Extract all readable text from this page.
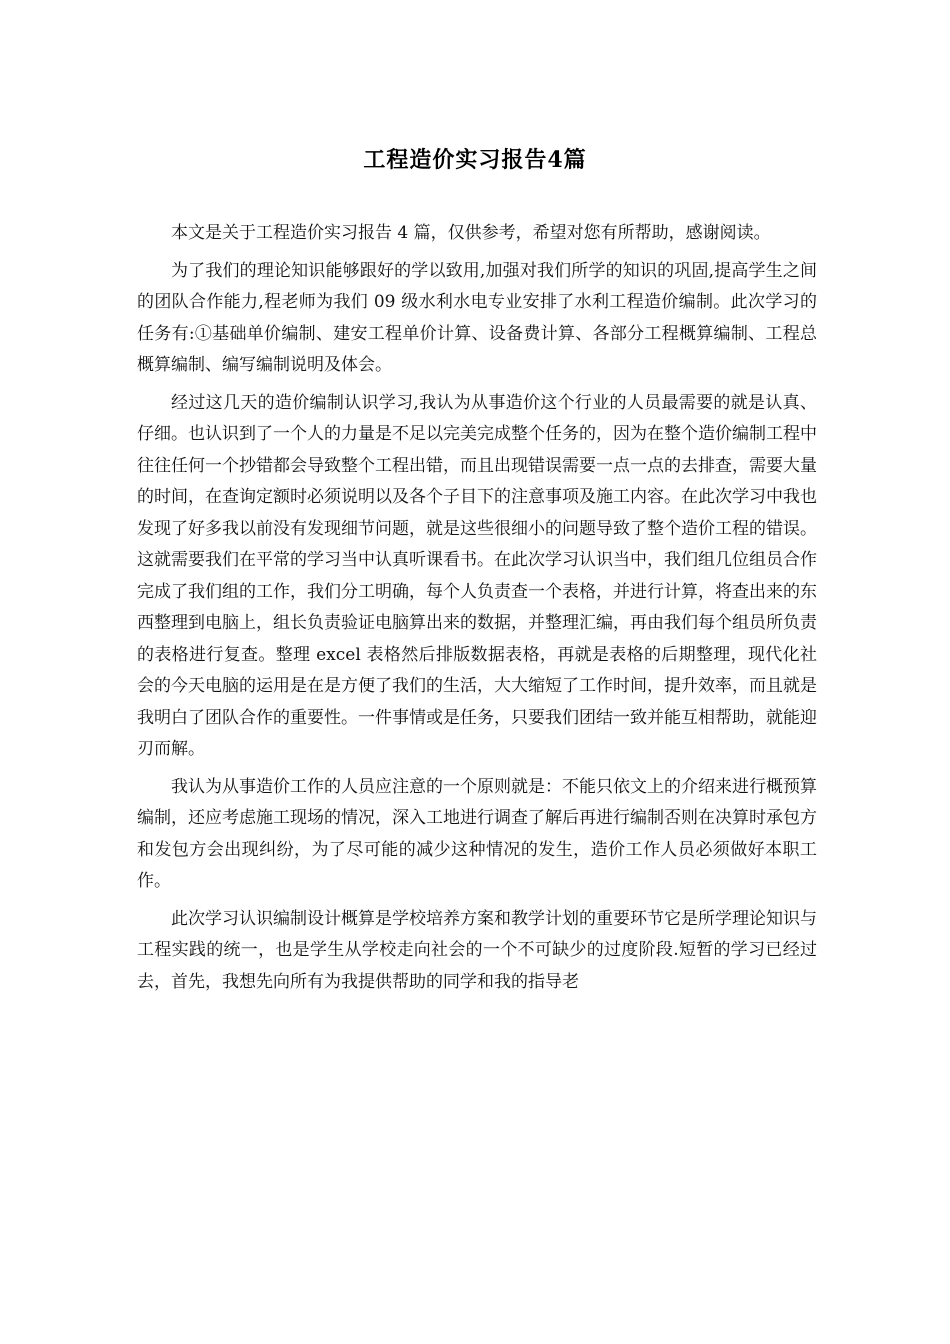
工程造价实习报告4篇

本文是关于工程造价实习报告 4 篇，仅供参考，希望对您有所帮助，感谢阅读。

为了我们的理论知识能够跟好的学以致用,加强对我们所学的知识的巩固,提高学生之间的团队合作能力,程老师为我们 09 级水利水电专业安排了水利工程造价编制。此次学习的任务有:①基础单价编制、建安工程单价计算、设备费计算、各部分工程概算编制、工程总概算编制、编写编制说明及体会。

经过这几天的造价编制认识学习,我认为从事造价这个行业的人员最需要的就是认真、仔细。也认识到了一个人的力量是不足以完美完成整个任务的，因为在整个造价编制工程中往往任何一个抄错都会导致整个工程出错，而且出现错误需要一点一点的去排查，需要大量的时间，在查询定额时必须说明以及各个子目下的注意事项及施工内容。在此次学习中我也发现了好多我以前没有发现细节问题，就是这些很细小的问题导致了整个造价工程的错误。这就需要我们在平常的学习当中认真听课看书。在此次学习认识当中，我们组几位组员合作完成了我们组的工作，我们分工明确，每个人负责查一个表格，并进行计算，将查出来的东西整理到电脑上，组长负责验证电脑算出来的数据，并整理汇编，再由我们每个组员所负责的表格进行复查。整理 excel 表格然后排版数据表格，再就是表格的后期整理，现代化社会的今天电脑的运用是在是方便了我们的生活，大大缩短了工作时间，提升效率，而且就是我明白了团队合作的重要性。一件事情或是任务，只要我们团结一致并能互相帮助，就能迎刃而解。

我认为从事造价工作的人员应注意的一个原则就是：不能只依文上的介绍来进行概预算编制，还应考虑施工现场的情况，深入工地进行调查了解后再进行编制否则在决算时承包方和发包方会出现纠纷，为了尽可能的减少这种情况的发生，造价工作人员必须做好本职工作。

此次学习认识编制设计概算是学校培养方案和教学计划的重要环节它是所学理论知识与工程实践的统一，也是学生从学校走向社会的一个不可缺少的过度阶段.短暂的学习已经过去，首先，我想先向所有为我提供帮助的同学和我的指导老
